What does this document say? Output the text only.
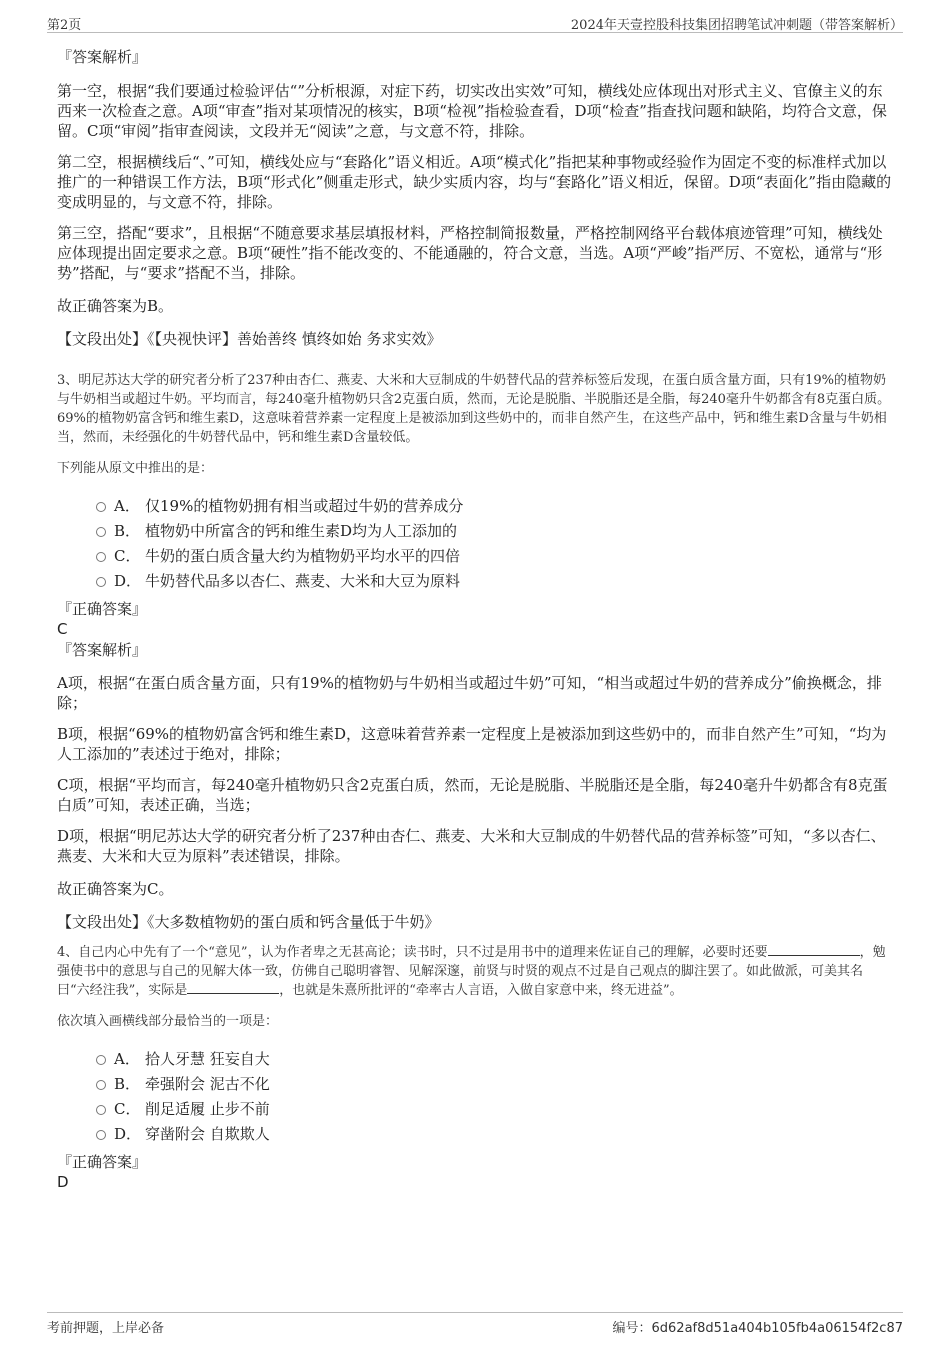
第2页	2024年天壹控股科技集团招聘笔试冲刺题（带答案解析）

『答案解析』

第一空，根据“我们要通过检验评估“”分析根源，对症下药，切实改出实效”可知，横线处应体现出对形式主义、官僚主义的东西来一次检查之意。A项“审查”指对某项情况的核实，B项“检视”指检验查看，D项“检查”指查找问题和缺陷，均符合文意，保留。C项“审阅”指审查阅读，文段并无“阅读”之意，与文意不符，排除。

第二空，根据横线后“、”可知，横线处应与“套路化”语义相近。A项“模式化”指把某种事物或经验作为固定不变的标准样式加以推广的一种错误工作方法，B项“形式化”侧重走形式，缺少实质内容，均与“套路化”语义相近，保留。D项“表面化”指由隐藏的变成明显的，与文意不符，排除。

第三空，搭配“要求”，且根据“不随意要求基层填报材料，严格控制简报数量，严格控制网络平台载体痕迹管理”可知，横线处应体现提出固定要求之意。B项“硬性”指不能改变的、不能通融的，符合文意，当选。A项“严峻”指严厉、不宽松，通常与“形势”搭配，与“要求”搭配不当，排除。

故正确答案为B。

【文段出处】《【央视快评】善始善终 慎终如始 务求实效》

3、明尼苏达大学的研究者分析了237种由杏仁、燕麦、大米和大豆制成的牛奶替代品的营养标签后发现，在蛋白质含量方面，只有19%的植物奶与牛奶相当或超过牛奶。平均而言，每240毫升植物奶只含2克蛋白质，然而，无论是脱脂、半脱脂还是全脂，每240毫升牛奶都含有8克蛋白质。69%的植物奶富含钙和维生素D，这意味着营养素一定程度上是被添加到这些奶中的，而非自然产生，在这些产品中，钙和维生素D含量与牛奶相当，然而，未经强化的牛奶替代品中，钙和维生素D含量较低。

下列能从原文中推出的是：

A． 仅19%的植物奶拥有相当或超过牛奶的营养成分
B． 植物奶中所富含的钙和维生素D均为人工添加的
C． 牛奶的蛋白质含量大约为植物奶平均水平的四倍
D． 牛奶替代品多以杏仁、燕麦、大米和大豆为原料

『正确答案』

C

『答案解析』

A项，根据“在蛋白质含量方面，只有19%的植物奶与牛奶相当或超过牛奶”可知，“相当或超过牛奶的营养成分”偷换概念，排除；

B项，根据“69%的植物奶富含钙和维生素D，这意味着营养素一定程度上是被添加到这些奶中的，而非自然产生”可知，“均为人工添加的”表述过于绝对，排除；

C项，根据“平均而言，每240毫升植物奶只含2克蛋白质，然而，无论是脱脂、半脱脂还是全脂，每240毫升牛奶都含有8克蛋白质”可知，表述正确，当选；

D项，根据“明尼苏达大学的研究者分析了237种由杏仁、燕麦、大米和大豆制成的牛奶替代品的营养标签”可知，“多以杏仁、燕麦、大米和大豆为原料”表述错误，排除。

故正确答案为C。

【文段出处】《大多数植物奶的蛋白质和钙含量低于牛奶》

4、自己内心中先有了一个“意见”，认为作者卑之无甚高论；读书时，只不过是用书中的道理来佐证自己的理解，必要时还要	，勉强使书中的意思与自己的见解大体一致，仿佛自己聪明睿智、见解深邃，前贤与时贤的观点不过是自己观点的脚注罢了。如此做派，可美其名曰“六经注我”，实际是	，也就是朱熹所批评的“牵率古人言语，入做自家意中来，终无进益”。

依次填入画横线部分最恰当的一项是：

A． 拾人牙慧 狂妄自大
B． 牵强附会 泥古不化
C． 削足适履 止步不前
D． 穿凿附会 自欺欺人

『正确答案』

D

考前押题，上岸必备	编号：6d62af8d51a404b105fb4a06154f2c87
